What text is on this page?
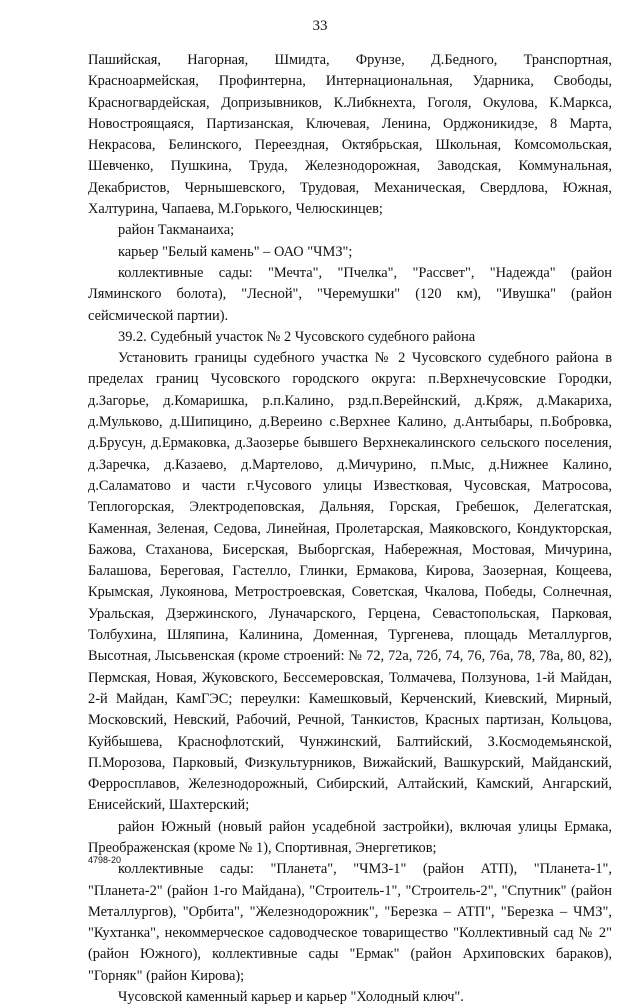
33

Пашийская, Нагорная, Шмидта, Фрунзе, Д.Бедного, Транспортная, Красноармейская, Профинтерна, Интернациональная, Ударника, Свободы, Красногвардейская, Допризывников, К.Либкнехта, Гоголя, Окулова, К.Маркса, Новостроящаяся, Партизанская, Ключевая, Ленина, Орджоникидзе, 8 Марта, Некрасова, Белинского, Переездная, Октябрьская, Школьная, Комсомольская, Шевченко, Пушкина, Труда, Железнодорожная, Заводская, Коммунальная, Декабристов, Чернышевского, Трудовая, Механическая, Свердлова, Южная, Халтурина, Чапаева, М.Горького, Челюскинцев;

район Такманаиха;

карьер "Белый камень" – ОАО "ЧМЗ";

коллективные сады: "Мечта", "Пчелка", "Рассвет", "Надежда" (район Ляминского болота), "Лесной", "Черемушки" (120 км), "Ивушка" (район сейсмической партии).

39.2. Судебный участок № 2 Чусовского судебного района

Установить границы судебного участка № 2 Чусовского судебного района в пределах границ Чусовского городского округа: п.Верхнечусовские Городки, д.Загорье, д.Комаришка, р.п.Калино, рзд.п.Верейнский, д.Кряж, д.Макариха, д.Мульково, д.Шипицино, д.Вереино с.Верхнее Калино, д.Антыбары, п.Бобровка, д.Брусун, д.Ермаковка, д.Заозерье бывшего Верхнекалинского сельского поселения, д.Заречка, д.Казаево, д.Мартелово, д.Мичурино, п.Мыс, д.Нижнее Калино, д.Саламатово и части г.Чусового улицы Известковая, Чусовская, Матросова, Теплогорская, Электродеповская, Дальняя, Горская, Гребешок, Делегатская, Каменная, Зеленая, Седова, Линейная, Пролетарская, Маяковского, Кондукторская, Бажова, Стаханова, Бисерская, Выборгская, Набережная, Мостовая, Мичурина, Балашова, Береговая, Гастелло, Глинки, Ермакова, Кирова, Заозерная, Кощеева, Крымская, Лукоянова, Метростроевская, Советская, Чкалова, Победы, Солнечная, Уральская, Дзержинского, Луначарского, Герцена, Севастопольская, Парковая, Толбухина, Шляпина, Калинина, Доменная, Тургенева, площадь Металлургов, Высотная, Лысьвенская (кроме строений: № 72, 72а, 72б, 74, 76, 76а, 78, 78а, 80, 82), Пермская, Новая, Жуковского, Бессемеровская, Толмачева, Ползунова, 1-й Майдан, 2-й Майдан, КамГЭС; переулки: Камешковый, Керченский, Киевский, Мирный, Московский, Невский, Рабочий, Речной, Танкистов, Красных партизан, Кольцова, Куйбышева, Краснофлотский, Чунжинский, Балтийский, З.Космодемьянской, П.Морозова, Парковый, Физкультурников, Вижайский, Вашкурский, Майданский, Ферросплавов, Железнодорожный, Сибирский, Алтайский, Камский, Ангарский, Енисейский, Шахтерский;

район Южный (новый район усадебной застройки), включая улицы Ермака, Преображенская (кроме № 1), Спортивная, Энергетиков;

коллективные сады: "Планета", "ЧМЗ-1" (район АТП), "Планета-1", "Планета-2" (район 1-го Майдана), "Строитель-1", "Строитель-2", "Спутник" (район Металлургов), "Орбита", "Железнодорожник", "Березка – АТП", "Березка – ЧМЗ", "Кухтанка", некоммерческое садоводческое товарищество "Коллективный сад № 2" (район Южного), коллективные сады "Ермак" (район Архиповских бараков), "Горняк" (район Кирова);

Чусовской каменный карьер и карьер "Холодный ключ".

4798-20
